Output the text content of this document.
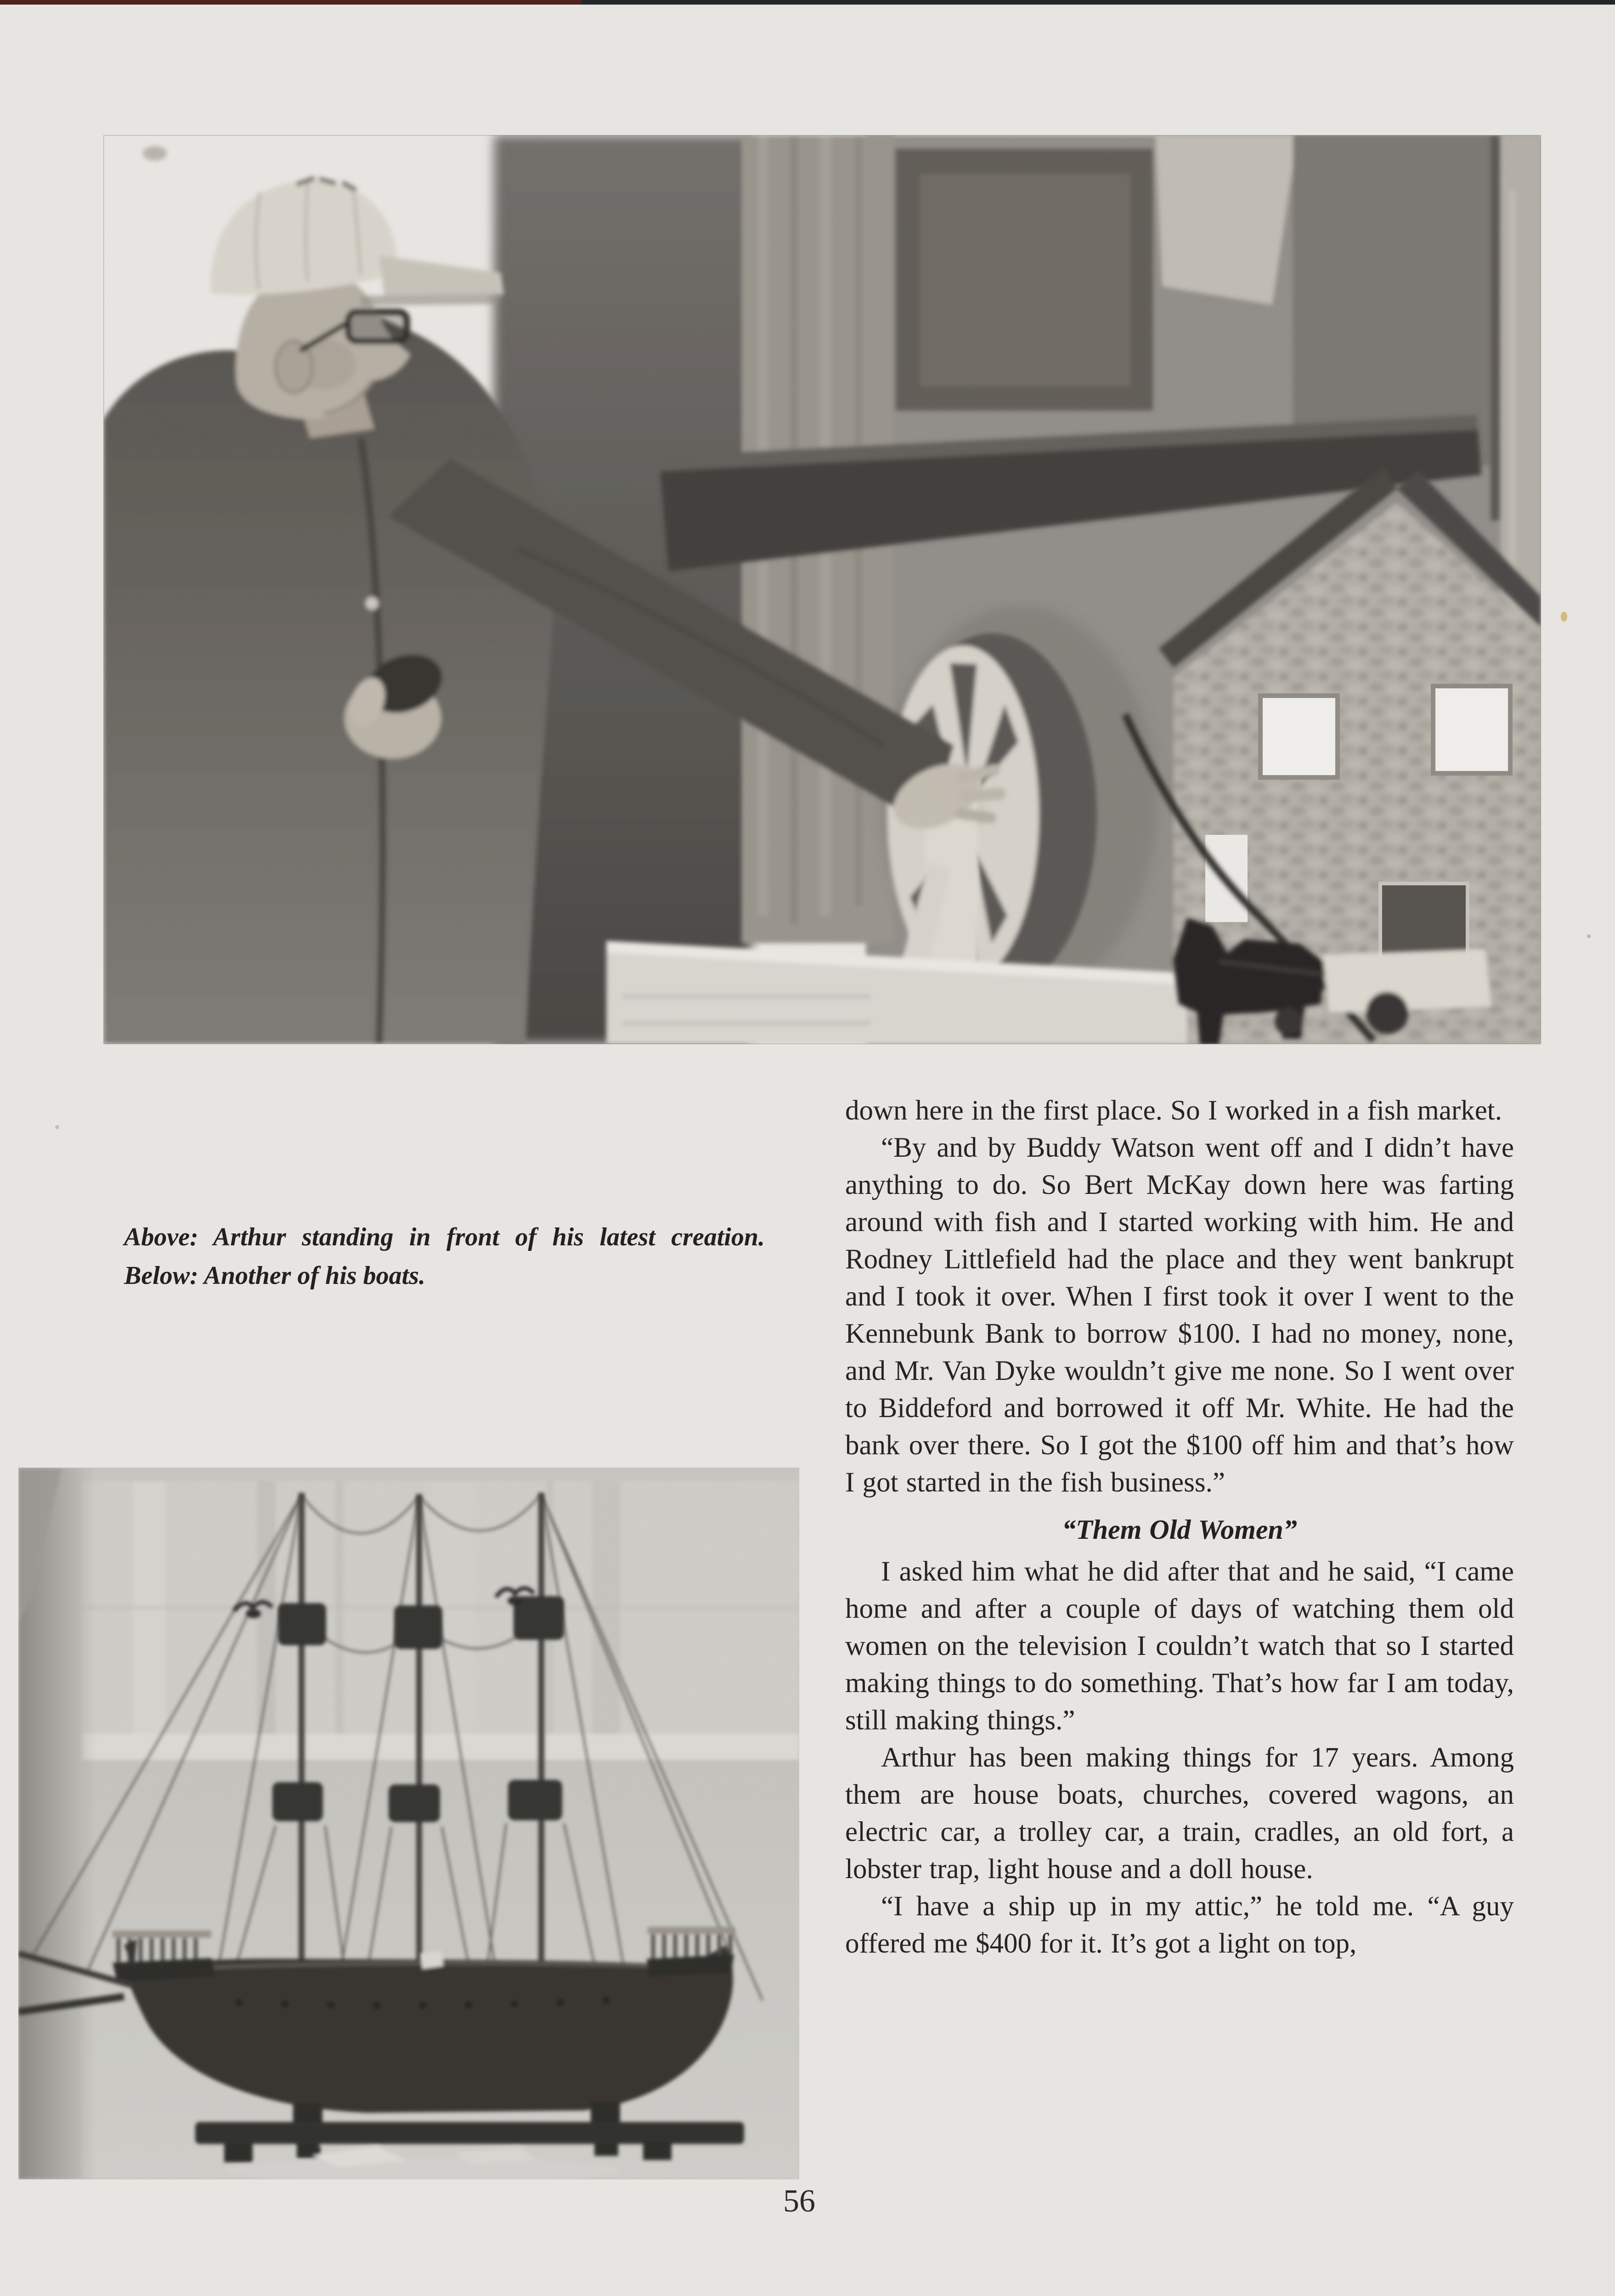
Above: Arthur standing in front of his latest creation. Below: Another of his boats.

down here in the first place. So I worked in a fish market.

“By and by Buddy Watson went off and I didn’t have anything to do. So Bert McKay down here was farting around with fish and I started working with him. He and Rodney Littlefield had the place and they went bankrupt and I took it over. When I first took it over I went to the Kennebunk Bank to borrow $100. I had no money, none, and Mr. Van Dyke wouldn’t give me none. So I went over to Biddeford and borrowed it off Mr. White. He had the bank over there. So I got the $100 off him and that’s how I got started in the fish business.”

“Them Old Women”

I asked him what he did after that and he said, “I came home and after a couple of days of watching them old women on the television I couldn’t watch that so I started making things to do something. That’s how far I am today, still making things.”

Arthur has been making things for 17 years. Among them are house boats, churches, covered wagons, an electric car, a trolley car, a train, cradles, an old fort, a lobster trap, light house and a doll house.

“I have a ship up in my attic,” he told me. “A guy offered me $400 for it. It’s got a light on top,

56
